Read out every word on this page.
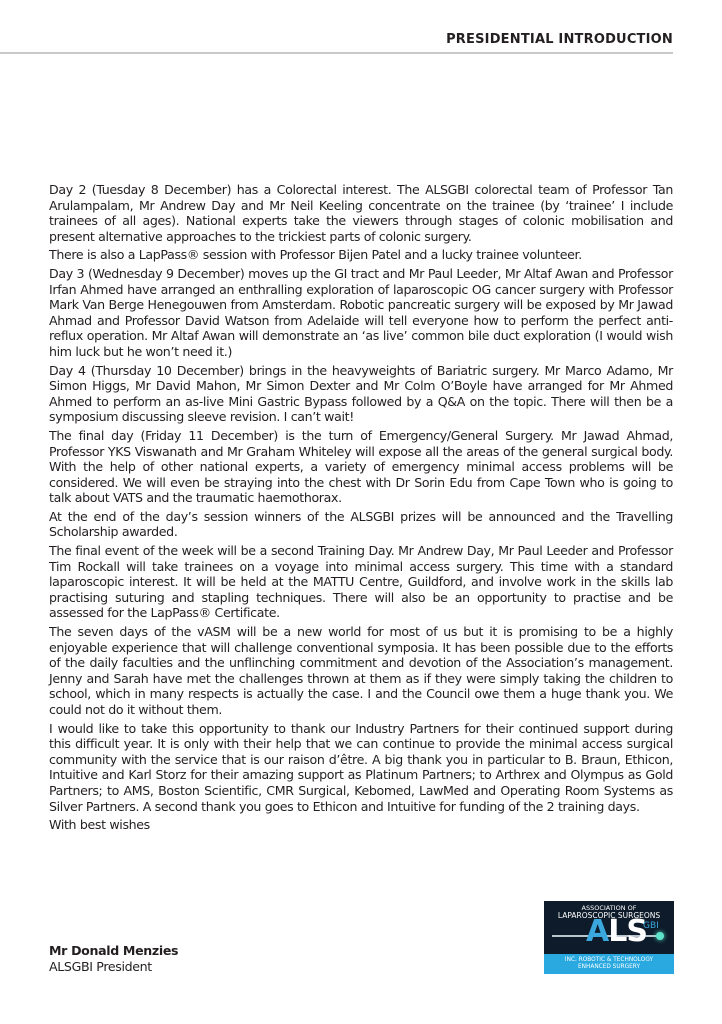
PRESIDENTIAL INTRODUCTION

Day 2 (Tuesday 8 December) has a Colorectal interest. The ALSGBI colorectal team of Professor Tan Arulampalam, Mr Andrew Day and Mr Neil Keeling concentrate on the trainee (by ‘trainee’ I include trainees of all ages). National experts take the viewers through stages of colonic mobilisation and present alternative approaches to the trickiest parts of colonic surgery.

There is also a LapPass® session with Professor Bijen Patel and a lucky trainee volunteer.

Day 3 (Wednesday 9 December) moves up the GI tract and Mr Paul Leeder, Mr Altaf Awan and Professor Irfan Ahmed have arranged an enthralling exploration of laparoscopic OG cancer surgery with Professor Mark Van Berge Henegouwen from Amsterdam. Robotic pancreatic surgery will be exposed by Mr Jawad Ahmad and Professor David Watson from Adelaide will tell everyone how to perform the perfect anti-reflux operation. Mr Altaf Awan will demonstrate an ‘as live’ common bile duct exploration (I would wish him luck but he won’t need it.)

Day 4 (Thursday 10 December) brings in the heavyweights of Bariatric surgery. Mr Marco Adamo, Mr Simon Higgs, Mr David Mahon, Mr Simon Dexter and Mr Colm O’Boyle have arranged for Mr Ahmed Ahmed to perform an as-live Mini Gastric Bypass followed by a Q&A on the topic. There will then be a symposium discussing sleeve revision. I can’t wait!

The final day (Friday 11 December) is the turn of Emergency/General Surgery. Mr Jawad Ahmad, Professor YKS Viswanath and Mr Graham Whiteley will expose all the areas of the general surgical body. With the help of other national experts, a variety of emergency minimal access problems will be considered. We will even be straying into the chest with Dr Sorin Edu from Cape Town who is going to talk about VATS and the traumatic haemothorax.

At the end of the day’s session winners of the ALSGBI prizes will be announced and the Travelling Scholarship awarded.

The final event of the week will be a second Training Day. Mr Andrew Day, Mr Paul Leeder and Professor Tim Rockall will take trainees on a voyage into minimal access surgery. This time with a standard laparoscopic interest. It will be held at the MATTU Centre, Guildford, and involve work in the skills lab practising suturing and stapling techniques. There will also be an opportunity to practise and be assessed for the LapPass® Certificate.

The seven days of the vASM will be a new world for most of us but it is promising to be a highly enjoyable experience that will challenge conventional symposia. It has been possible due to the efforts of the daily faculties and the unflinching commitment and devotion of the Association’s management. Jenny and Sarah have met the challenges thrown at them as if they were simply taking the children to school, which in many respects is actually the case. I and the Council owe them a huge thank you. We could not do it without them.

I would like to take this opportunity to thank our Industry Partners for their continued support during this difficult year. It is only with their help that we can continue to provide the minimal access surgical community with the service that is our raison d’être. A big thank you in particular to B. Braun, Ethicon, Intuitive and Karl Storz for their amazing support as Platinum Partners; to Arthrex and Olympus as Gold Partners; to AMS, Boston Scientific, CMR Surgical, Kebomed, LawMed and Operating Room Systems as Silver Partners. A second thank you goes to Ethicon and Intuitive for funding of the 2 training days.

With best wishes

Mr Donald Menzies
ALSGBI President
ASSOCIATION OF
LAPAROSCOPIC SURGEONS
ALS
GBI
INC. ROBOTIC & TECHNOLOGY
ENHANCED SURGERY
